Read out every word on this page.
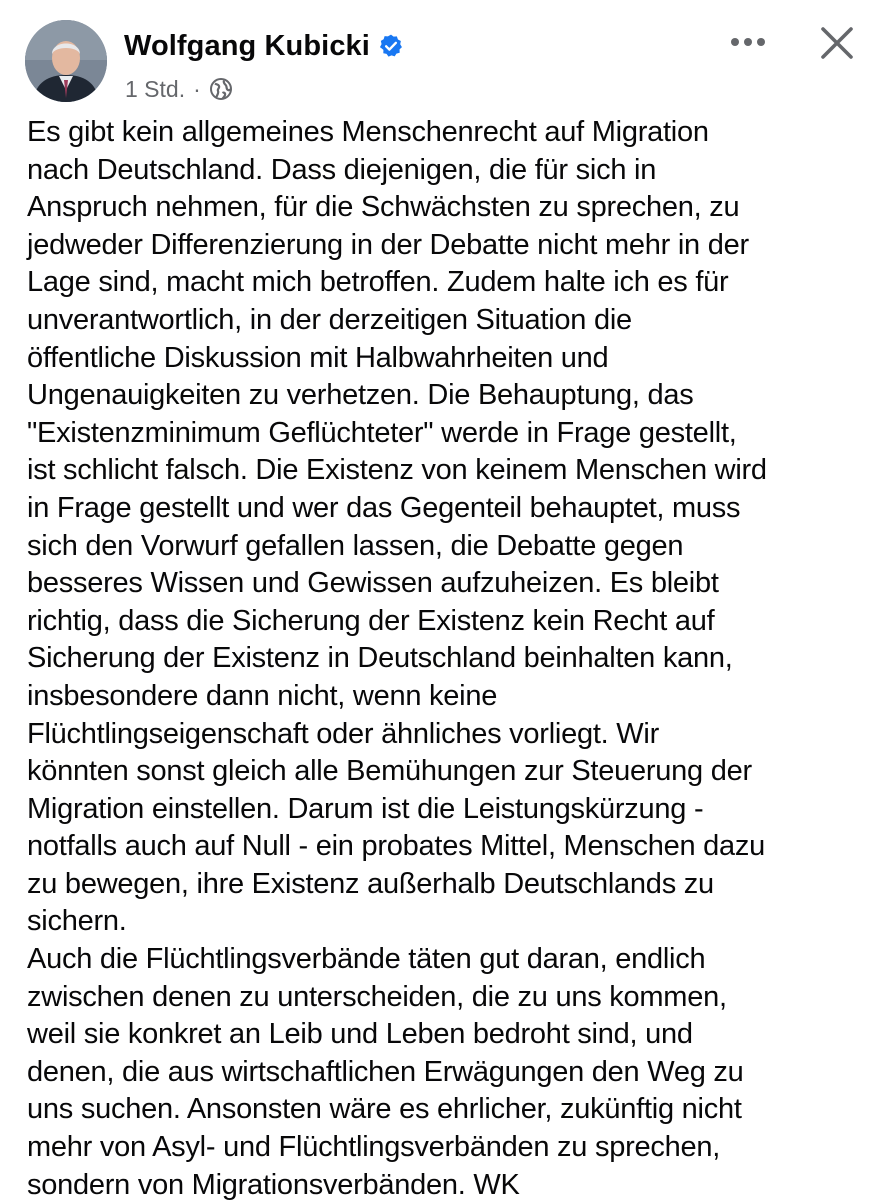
Wolfgang Kubicki
1 Std. ·
Es gibt kein allgemeines Menschenrecht auf Migration
nach Deutschland. Dass diejenigen, die für sich in
Anspruch nehmen, für die Schwächsten zu sprechen, zu
jedweder Differenzierung in der Debatte nicht mehr in der
Lage sind, macht mich betroffen. Zudem halte ich es für
unverantwortlich, in der derzeitigen Situation die
öffentliche Diskussion mit Halbwahrheiten und
Ungenauigkeiten zu verhetzen. Die Behauptung, das
"Existenzminimum Geflüchteter" werde in Frage gestellt,
ist schlicht falsch. Die Existenz von keinem Menschen wird
in Frage gestellt und wer das Gegenteil behauptet, muss
sich den Vorwurf gefallen lassen, die Debatte gegen
besseres Wissen und Gewissen aufzuheizen. Es bleibt
richtig, dass die Sicherung der Existenz kein Recht auf
Sicherung der Existenz in Deutschland beinhalten kann,
insbesondere dann nicht, wenn keine
Flüchtlingseigenschaft oder ähnliches vorliegt. Wir
könnten sonst gleich alle Bemühungen zur Steuerung der
Migration einstellen. Darum ist die Leistungskürzung -
notfalls auch auf Null - ein probates Mittel, Menschen dazu
zu bewegen, ihre Existenz außerhalb Deutschlands zu
sichern.
Auch die Flüchtlingsverbände täten gut daran, endlich
zwischen denen zu unterscheiden, die zu uns kommen,
weil sie konkret an Leib und Leben bedroht sind, und
denen, die aus wirtschaftlichen Erwägungen den Weg zu
uns suchen. Ansonsten wäre es ehrlicher, zukünftig nicht
mehr von Asyl- und Flüchtlingsverbänden zu sprechen,
sondern von Migrationsverbänden. WK
